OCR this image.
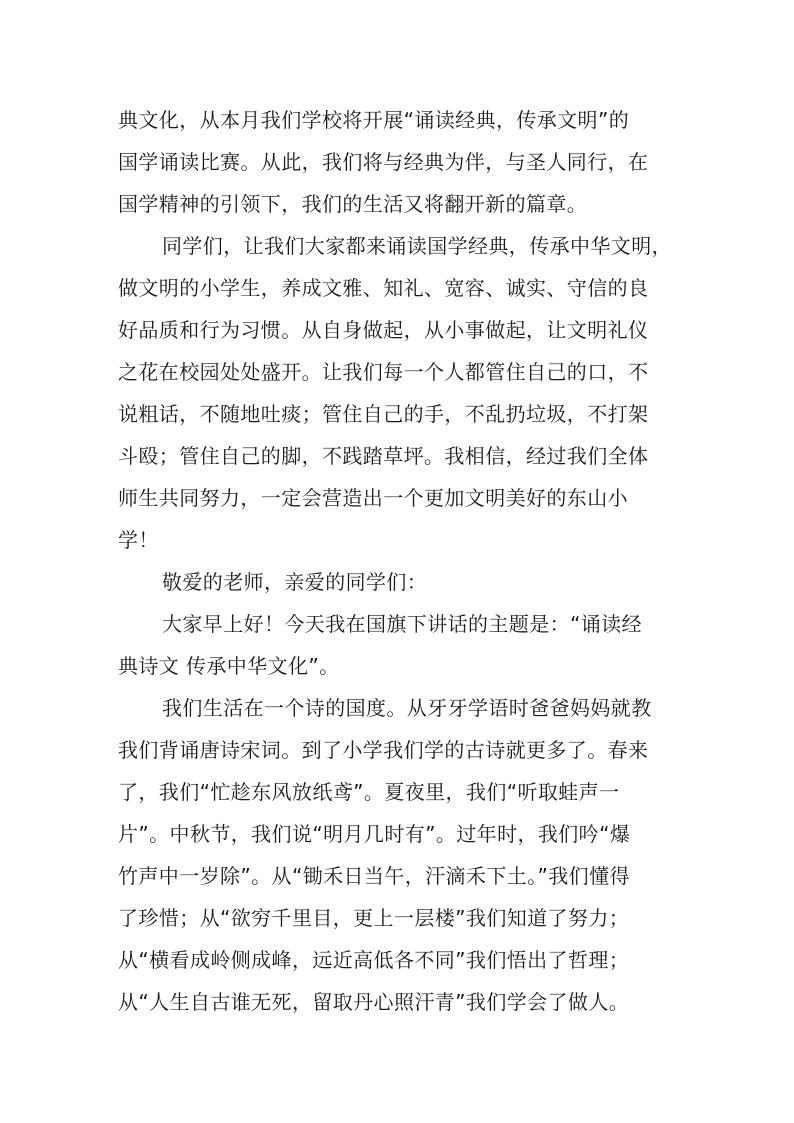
典文化，从本月我们学校将开展“诵读经典，传承文明”的
国学诵读比赛。从此，我们将与经典为伴，与圣人同行，在
国学精神的引领下，我们的生活又将翻开新的篇章。
同学们，让我们大家都来诵读国学经典，传承中华文明，
做文明的小学生，养成文雅、知礼、宽容、诚实、守信的良
好品质和行为习惯。从自身做起，从小事做起，让文明礼仪
之花在校园处处盛开。让我们每一个人都管住自己的口，不
说粗话，不随地吐痰；管住自己的手，不乱扔垃圾，不打架
斗殴；管住自己的脚，不践踏草坪。我相信，经过我们全体
师生共同努力，一定会营造出一个更加文明美好的东山小
学！
敬爱的老师，亲爱的同学们：
大家早上好！今天我在国旗下讲话的主题是：“诵读经
典诗文 传承中华文化”。
我们生活在一个诗的国度。从牙牙学语时爸爸妈妈就教
我们背诵唐诗宋词。到了小学我们学的古诗就更多了。春来
了，我们“忙趁东风放纸鸢”。夏夜里，我们“听取蛙声一
片”。中秋节，我们说“明月几时有”。过年时，我们吟“爆
竹声中一岁除”。从“锄禾日当午，汗滴禾下土。”我们懂得
了珍惜；从“欲穷千里目，更上一层楼”我们知道了努力；
从“横看成岭侧成峰，远近高低各不同”我们悟出了哲理；
从“人生自古谁无死，留取丹心照汗青”我们学会了做人。
